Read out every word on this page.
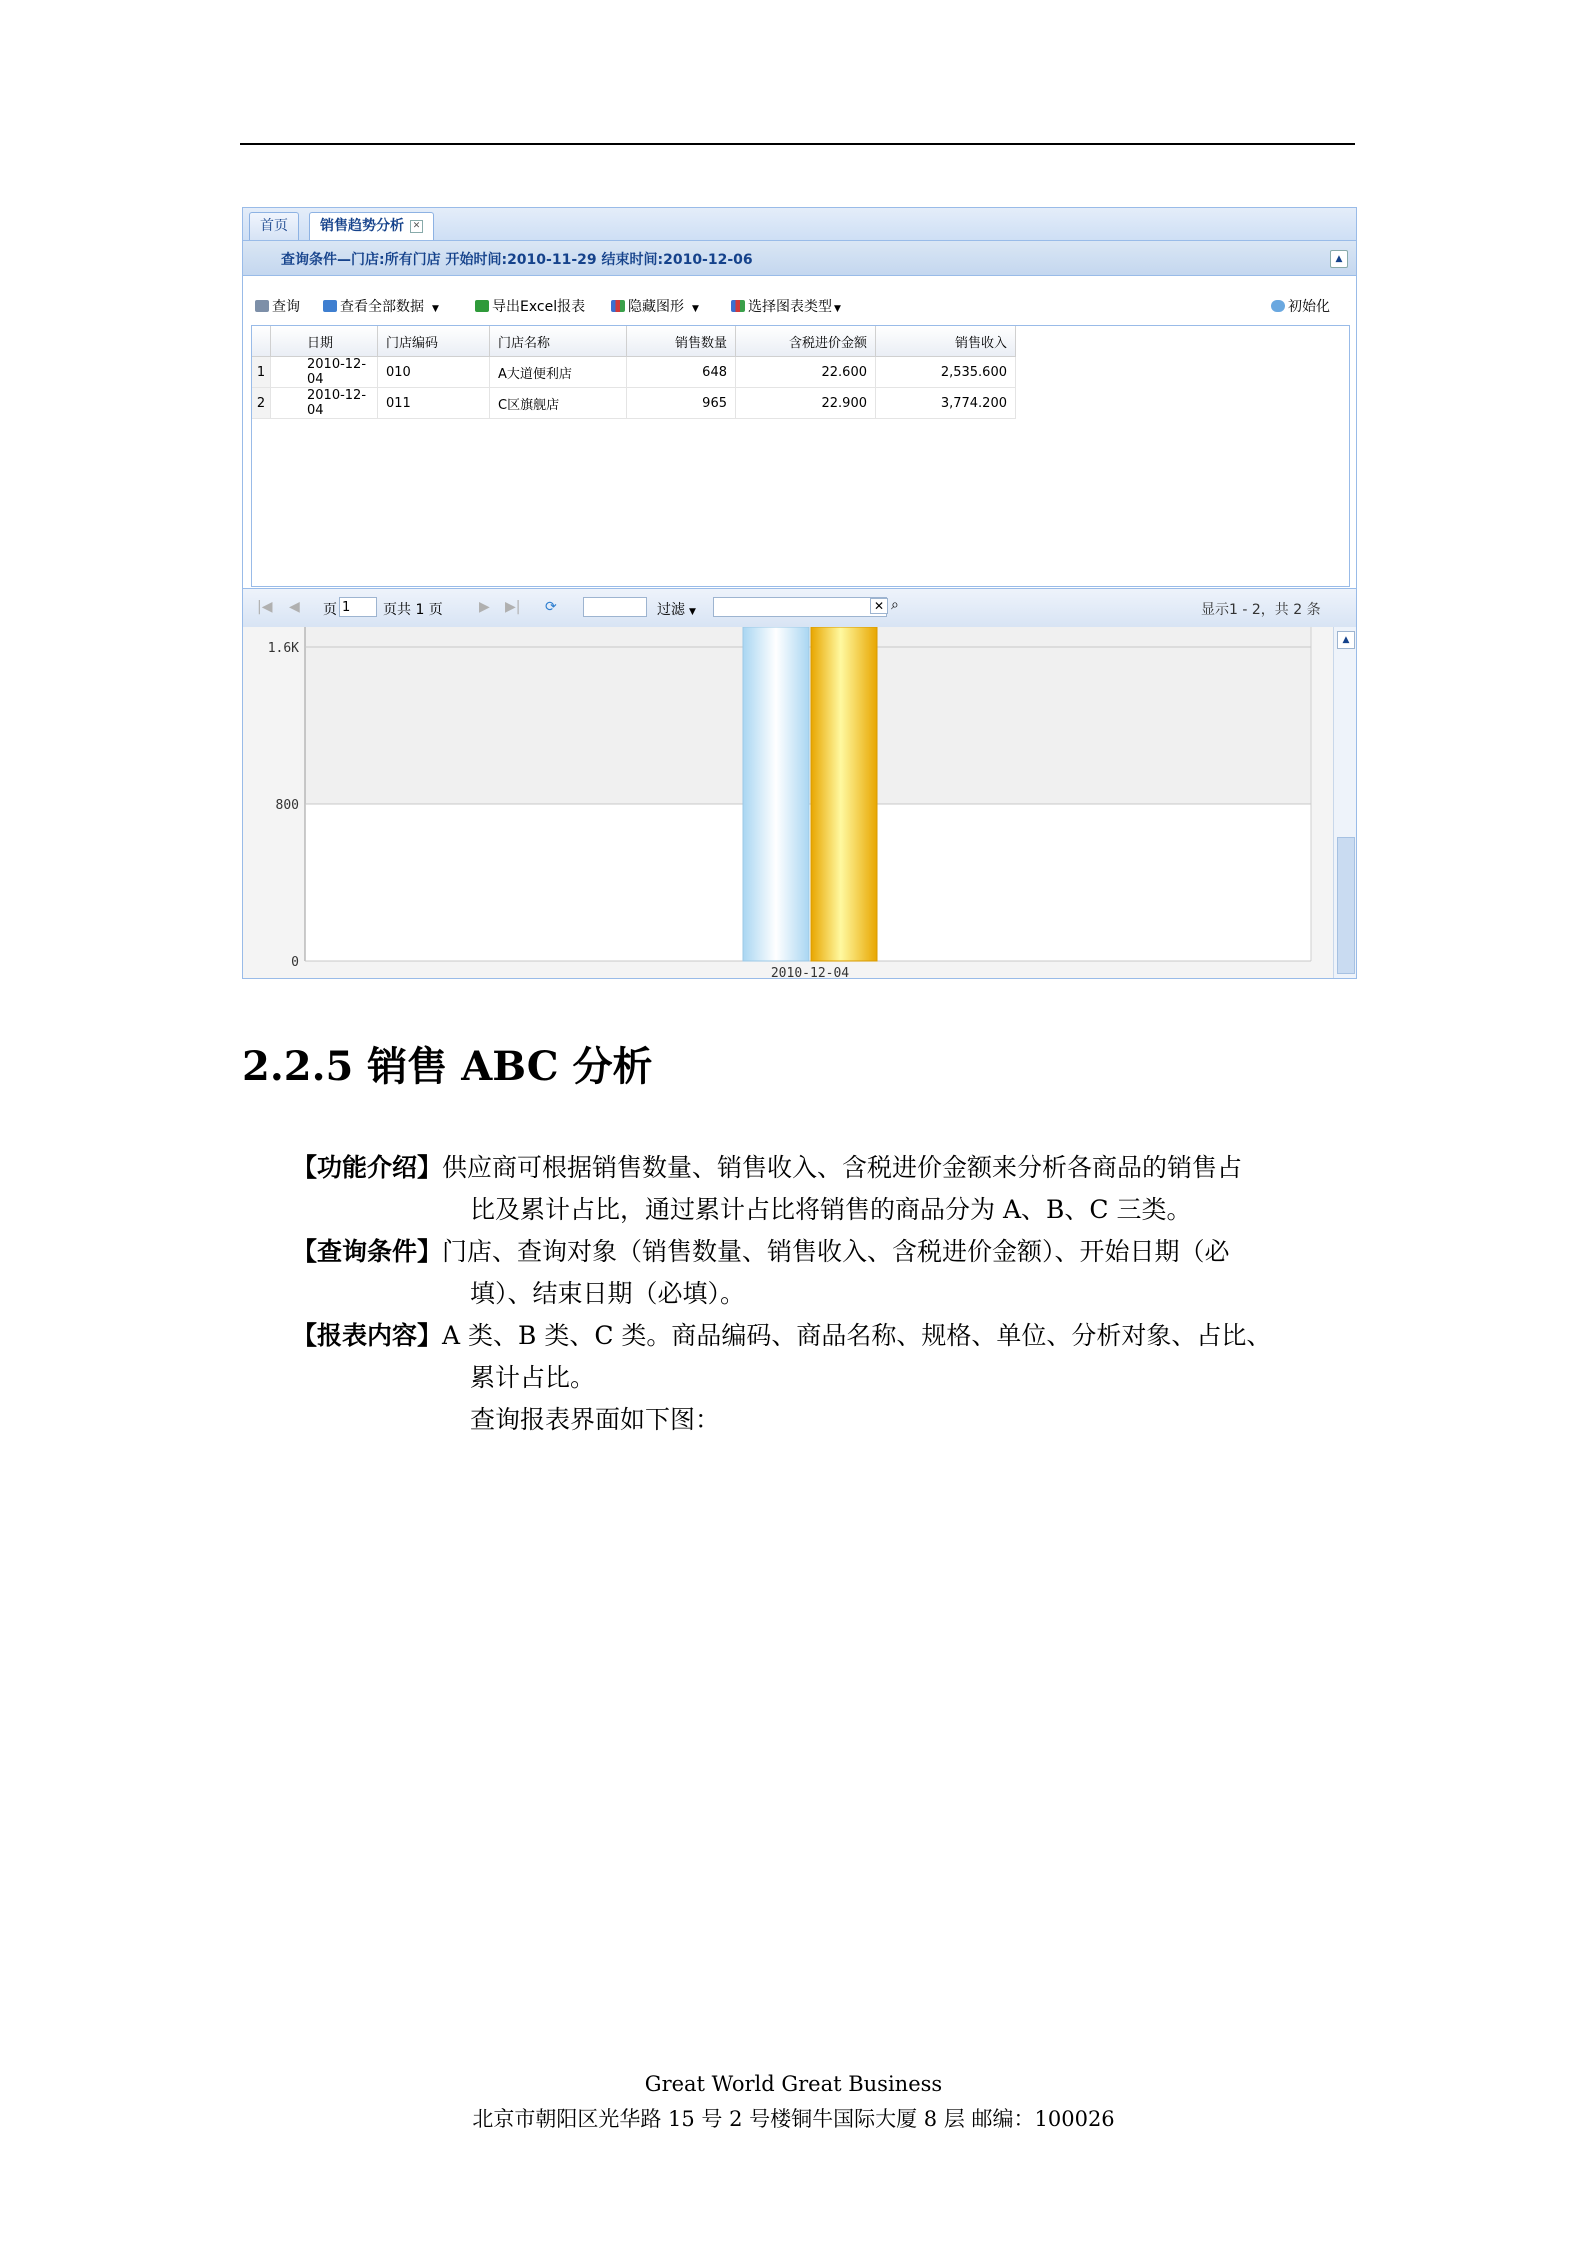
首页	销售趋势分析 ✕
查询条件—门店:所有门店 开始时间:2010-11-29 结束时间:2010-12-06	▲
查询	查看全部数据 ▼	导出Excel报表	隐藏图形 ▼	选择图表类型 ▼	初始化
	日期	门店编码	门店名称	销售数量	含税进价金额	销售收入
1	2010-12-04	010	A大道便利店	648	22.600	2,535.600
2	2010-12-04	011	C区旗舰店	965	22.900	3,774.200
|◀ ◀ 页 1	页共 1 页	▶ ▶| ⟳	过滤 ▼	✕ ⌕	显示1 - 2，共 2 条
0
800
1.6K
2010-12-04
▲
2.2.5 销售 ABC 分析
【功能介绍】供应商可根据销售数量、销售收入、含税进价金额来分析各商品的销售占
比及累计占比，通过累计占比将销售的商品分为 A、B、C 三类。
【查询条件】门店、查询对象（销售数量、销售收入、含税进价金额）、开始日期（必
填）、结束日期（必填）。
【报表内容】A 类、B 类、C 类。商品编码、商品名称、规格、单位、分析对象、占比、
累计占比。
查询报表界面如下图：
Great World Great Business
北京市朝阳区光华路 15 号 2 号楼铜牛国际大厦 8 层 邮编：100026
